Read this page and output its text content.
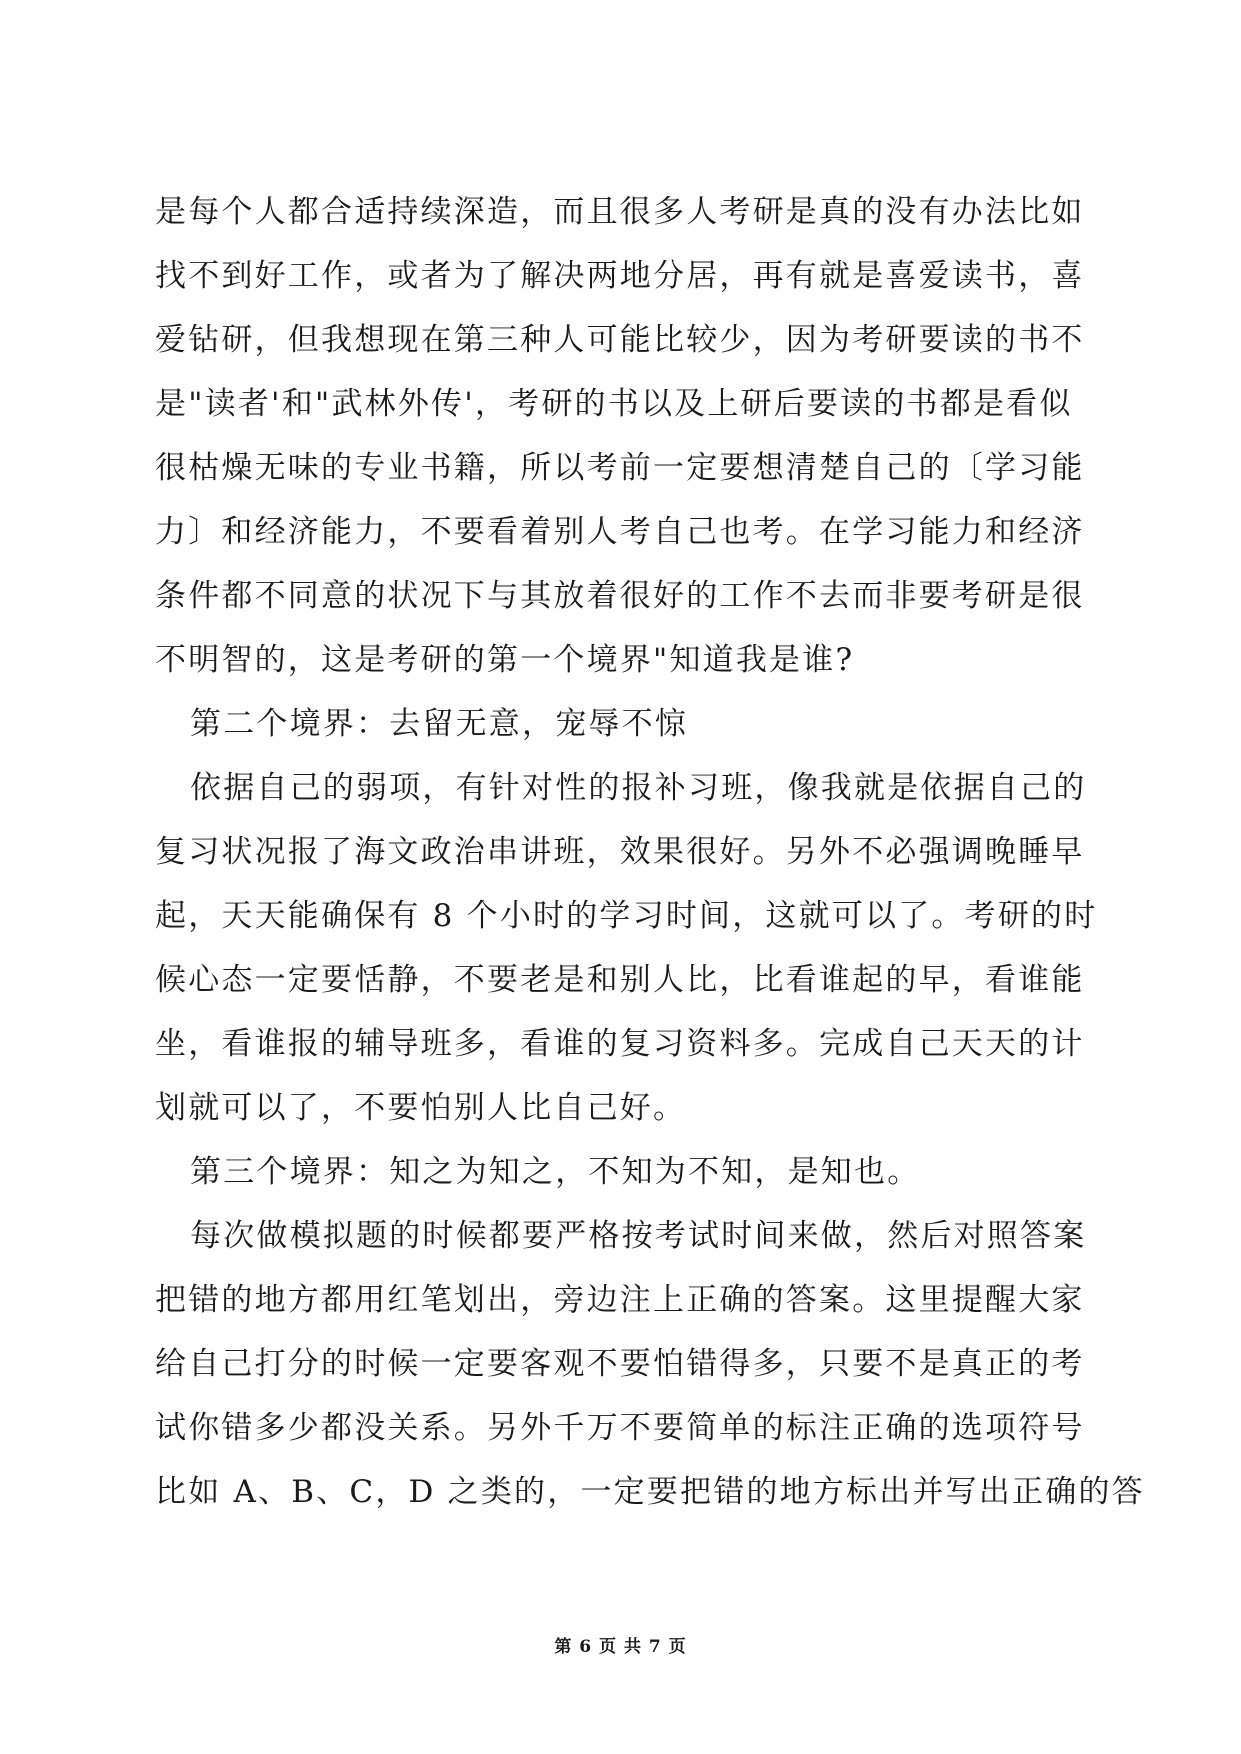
是每个人都合适持续深造，而且很多人考研是真的没有办法比如
找不到好工作，或者为了解决两地分居，再有就是喜爱读书，喜
爱钻研，但我想现在第三种人可能比较少，因为考研要读的书不
是"读者'和"武林外传'，考研的书以及上研后要读的书都是看似
很枯燥无味的专业书籍，所以考前一定要想清楚自己的〔学习能
力〕和经济能力，不要看着别人考自己也考。在学习能力和经济
条件都不同意的状况下与其放着很好的工作不去而非要考研是很
不明智的，这是考研的第一个境界"知道我是谁?
第二个境界：去留无意，宠辱不惊
依据自己的弱项，有针对性的报补习班，像我就是依据自己的
复习状况报了海文政治串讲班，效果很好。另外不必强调晚睡早
起，天天能确保有 8 个小时的学习时间，这就可以了。考研的时
候心态一定要恬静，不要老是和别人比，比看谁起的早，看谁能
坐，看谁报的辅导班多，看谁的复习资料多。完成自己天天的计
划就可以了，不要怕别人比自己好。
第三个境界：知之为知之，不知为不知，是知也。
每次做模拟题的时候都要严格按考试时间来做，然后对照答案
把错的地方都用红笔划出，旁边注上正确的答案。这里提醒大家
给自己打分的时候一定要客观不要怕错得多，只要不是真正的考
试你错多少都没关系。另外千万不要简单的标注正确的选项符号
比如 A、B、C，D 之类的，一定要把错的地方标出并写出正确的答
第 6 页 共 7 页
